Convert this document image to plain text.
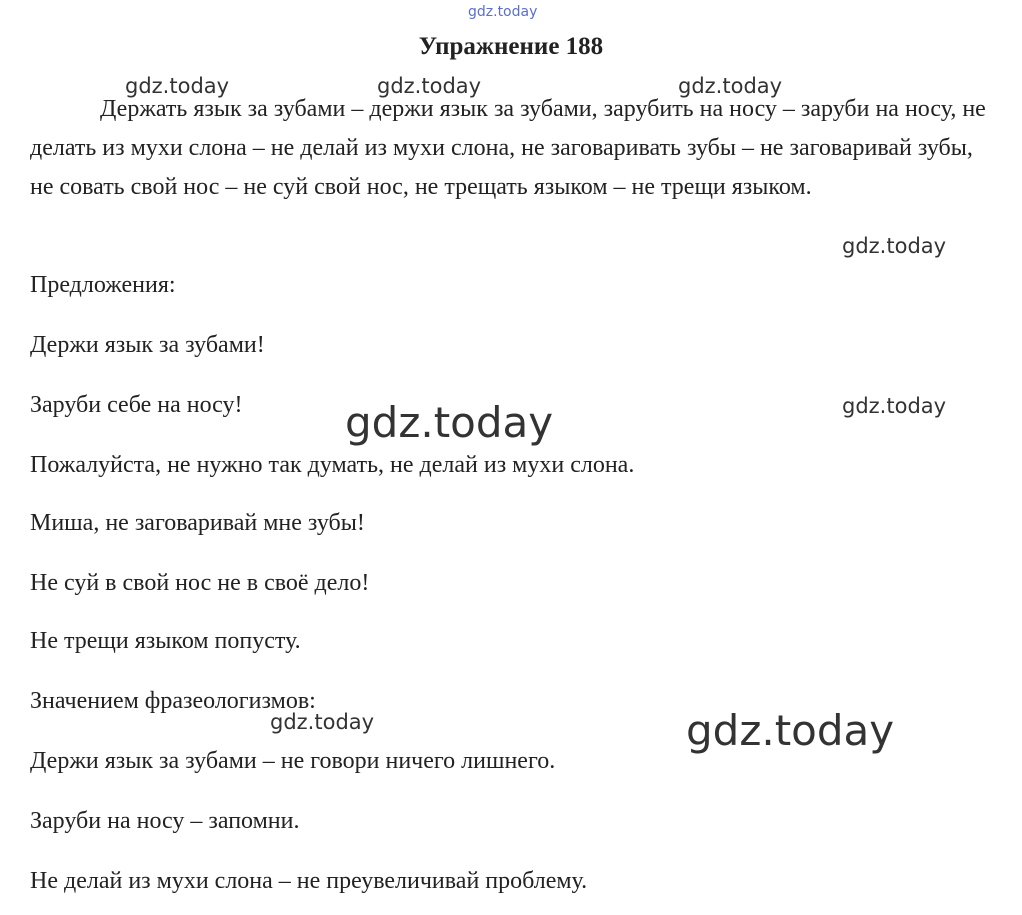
gdz.today
Упражнение 188
Держать язык за зубами – держи язык за зубами, зарубить на носу – заруби на носу, не делать из мухи слона – не делай из мухи слона, не заговаривать зубы – не заговаривай зубы, не совать свой нос – не суй свой нос, не трещать языком – не трещи языком.
Предложения:
Держи язык за зубами!
Заруби себе на носу!
Пожалуйста, не нужно так думать, не делай из мухи слона.
Миша, не заговаривай мне зубы!
Не суй в свой нос не в своё дело!
Не трещи языком попусту.
Значением фразеологизмов:
Держи язык за зубами – не говори ничего лишнего.
Заруби на носу – запомни.
Не делай из мухи слона – не преувеличивай проблему.
gdz.today	gdz.today	gdz.today
gdz.today
gdz.today
gdz.today
gdz.today	gdz.today
